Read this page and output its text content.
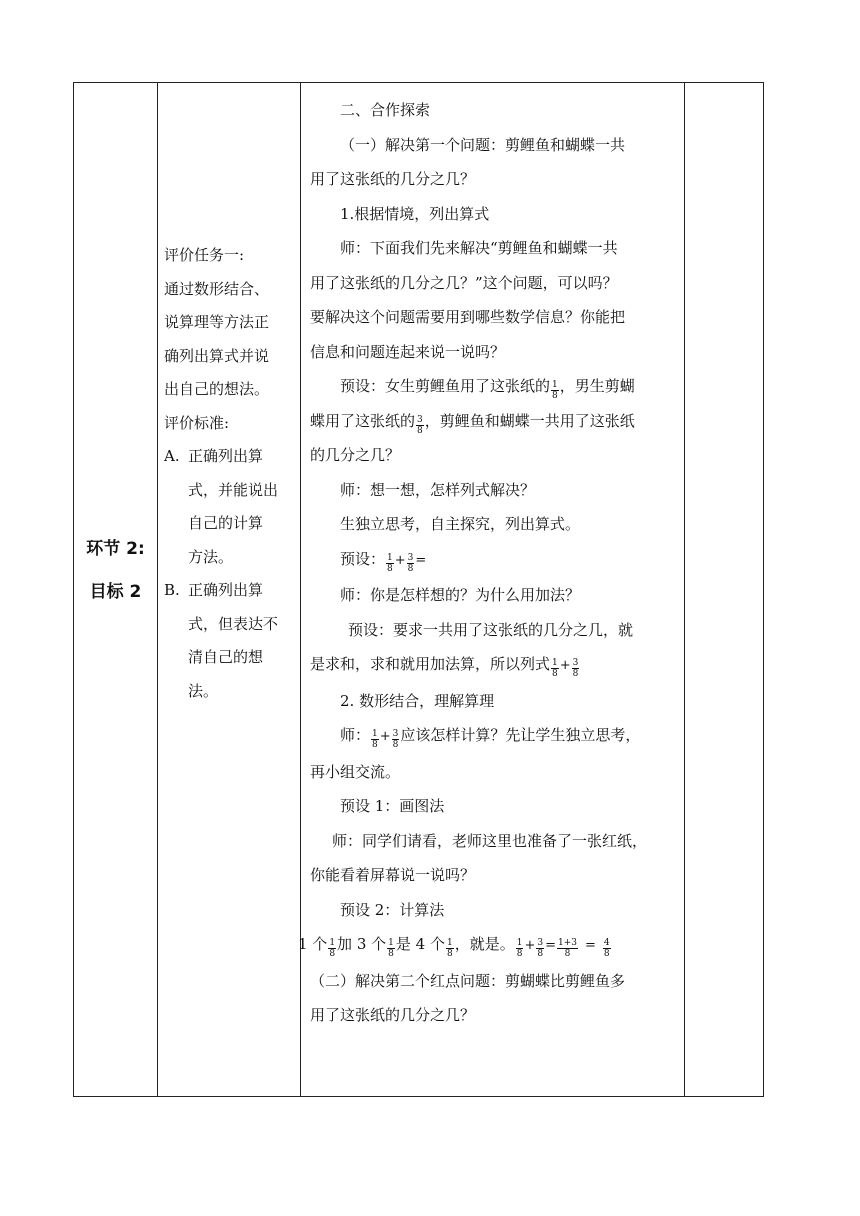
环节 2:
目标 2
评价任务一:
通过数形结合、
说算理等方法正
确列出算式并说
出自己的想法。
评价标准:
A. 正确列出算
式，并能说出
自己的计算
方法。
B. 正确列出算
式，但表达不
清自己的想
法。

二、合作探索

（一）解决第一个问题：剪鲤鱼和蝴蝶一共

用了这张纸的几分之几？

1.根据情境，列出算式

师：下面我们先来解决“剪鲤鱼和蝴蝶一共

用了这张纸的几分之几？”这个问题，可以吗？

要解决这个问题需要用到哪些数学信息？你能把

信息和问题连起来说一说吗？

预设：女生剪鲤鱼用了这张纸的 $\frac{1}{8}$ ，男生剪蝴

蝶用了这张纸的 $\frac{3}{8}$ ，剪鲤鱼和蝴蝶一共用了这张纸

的几分之几？

师：想一想，怎样列式解决？

生独立思考，自主探究，列出算式。

预设： $\frac{1}{8} + \frac{3}{8}$ =

师：你是怎样想的？为什么用加法？

预设：要求一共用了这张纸的几分之几，就

是求和，求和就用加法算，所以列式 $\frac{1}{8} + \frac{3}{8}$

2. 数形结合，理解算理

师： $\frac{1}{8} + \frac{3}{8}$ 应该怎样计算？先让学生独立思考，

再小组交流。

预设 1：画图法

师：同学们请看，老师这里也准备了一张红纸，

你能看着屏幕说一说吗？

预设 2：计算法

1 个 $\frac{1}{8}$ 加 3 个 $\frac{1}{8}$ 是 4 个 $\frac{1}{8}$ ，就是。 $\frac{1}{8} + \frac{3}{8} = \frac{1+3}{8} = \frac{4}{8}$

（二）解决第二个红点问题：剪蝴蝶比剪鲤鱼多

用了这张纸的几分之几？
